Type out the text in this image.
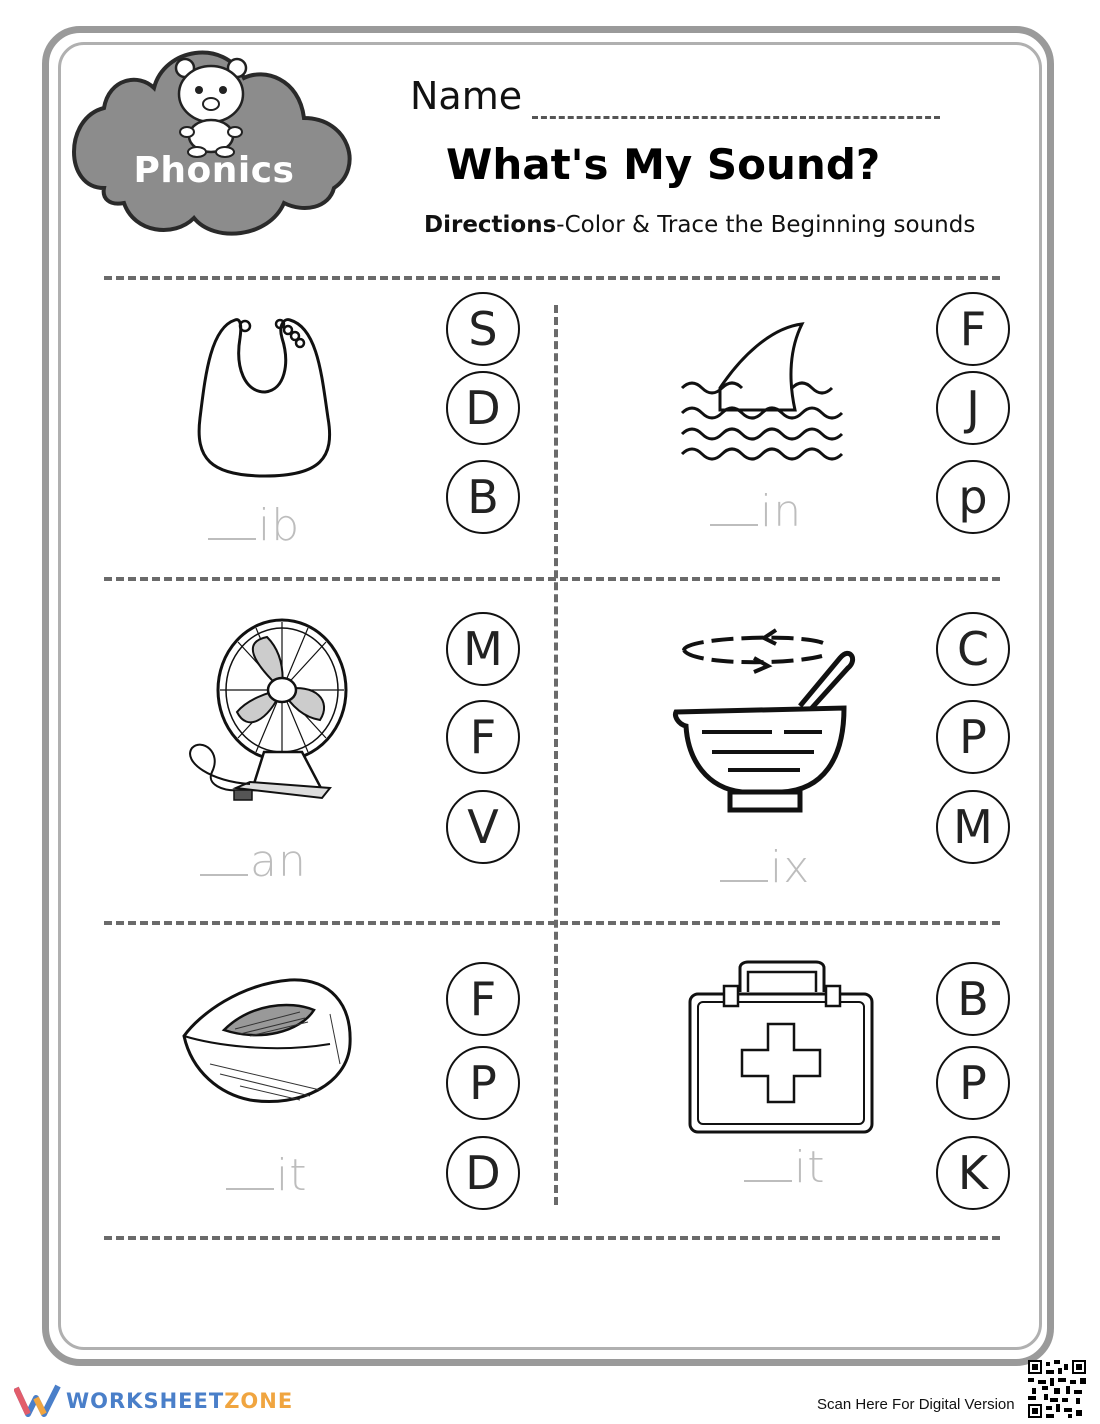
Phonics
Name
What's My Sound?
Directions-Color & Trace the Beginning sounds
ib
S
D
B	in
F
J
p
an
M
F
V
ix
C
P
M
it
F
P
D	it
B
P
K
WORKSHEETZONE	Scan Here For Digital Version
